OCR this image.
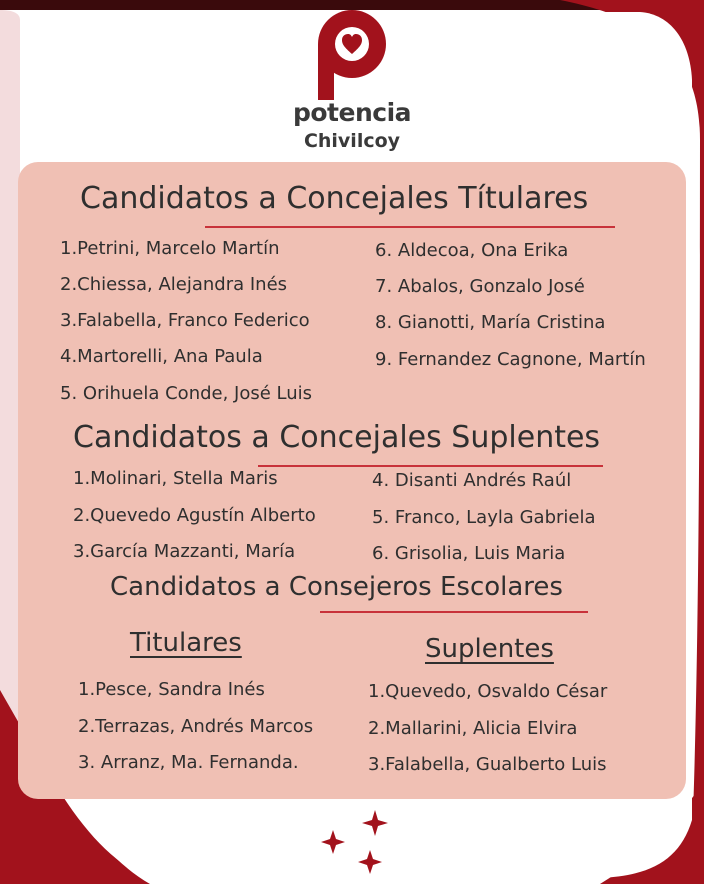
potencia
Chivilcoy
Candidatos a Concejales Títulares
1.Petrini, Marcelo Martín
2.Chiessa, Alejandra Inés
3.Falabella, Franco Federico
4.Martorelli, Ana Paula
5. Orihuela Conde, José Luis
6. Aldecoa, Ona Erika
7. Abalos, Gonzalo José
8. Gianotti, María Cristina
9. Fernandez Cagnone, Martín
Candidatos a Concejales Suplentes
1.Molinari, Stella Maris
2.Quevedo Agustín Alberto
3.García Mazzanti, María
4. Disanti Andrés Raúl
5. Franco, Layla Gabriela
6. Grisolia, Luis Maria
Candidatos a Consejeros Escolares
Titulares	Suplentes
1.Pesce, Sandra Inés
2.Terrazas, Andrés Marcos
3. Arranz, Ma. Fernanda.
1.Quevedo, Osvaldo César
2.Mallarini, Alicia Elvira
3.Falabella, Gualberto Luis
